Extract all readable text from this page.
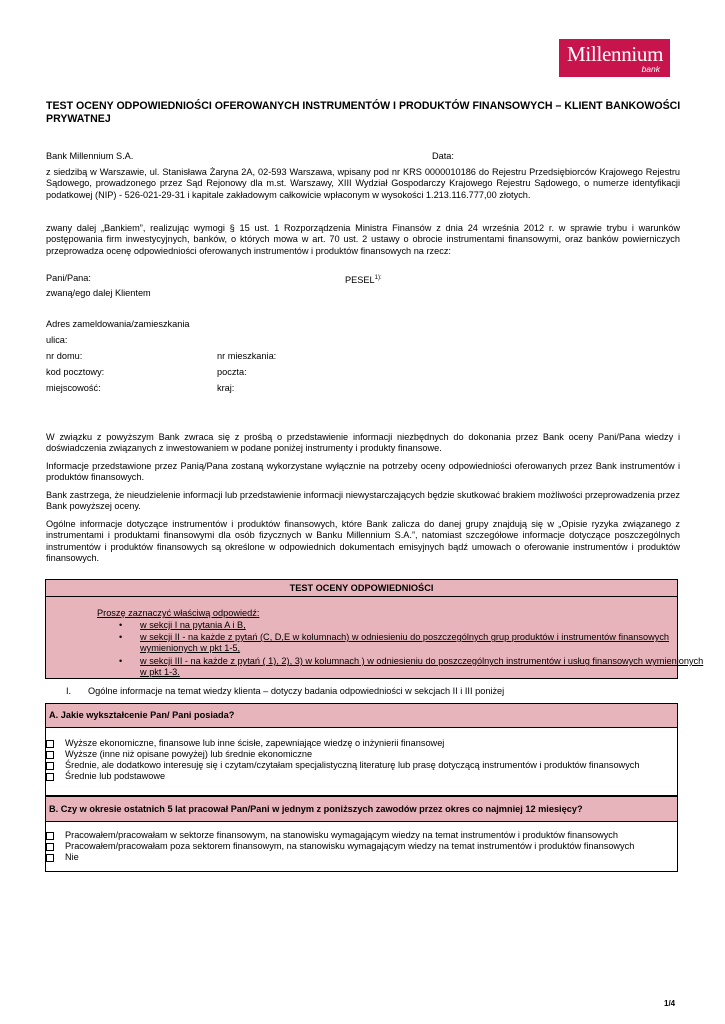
Millennium
bank
TEST OCENY ODPOWIEDNIOŚCI OFEROWANYCH INSTRUMENTÓW I PRODUKTÓW FINANSOWYCH – KLIENT BANKOWOŚCI PRYWATNEJ
Bank Millennium S.A.	Data:
z siedzibą w Warszawie, ul. Stanisława Żaryna 2A, 02-593 Warszawa, wpisany pod nr KRS 0000010186 do Rejestru Przedsiębiorców Krajowego Rejestru Sądowego, prowadzonego przez Sąd Rejonowy dla m.st. Warszawy, XIII Wydział Gospodarczy Krajowego Rejestru Sądowego, o numerze identyfikacji podatkowej (NIP) - 526-021-29-31 i kapitale zakładowym całkowicie wpłaconym w wysokości 1.213.116.777,00 złotych.
zwany dalej „Bankiem”, realizując wymogi § 15 ust. 1 Rozporządzenia Ministra Finansów z dnia 24 września 2012 r. w sprawie trybu i warunków postępowania firm inwestycyjnych, banków, o których mowa w art. 70 ust. 2 ustawy o obrocie instrumentami finansowymi, oraz banków powierniczych przeprowadza ocenę odpowiedniości oferowanych instrumentów i produktów finansowych na rzecz:
Pani/Pana:	$PESEL^{1):}$
zwaną/ego dalej Klientem
Adres zameldowania/zamieszkania
ulica:
nr domu:	nr mieszkania:
kod pocztowy:	poczta:
miejscowość:	kraj:
W związku z powyższym Bank zwraca się z prośbą o przedstawienie informacji niezbędnych do dokonania przez Bank oceny Pani/Pana wiedzy i doświadczenia związanych z inwestowaniem w podane poniżej instrumenty i produkty finansowe.
Informacje przedstawione przez Panią/Pana zostaną wykorzystane wyłącznie na potrzeby oceny odpowiedniości oferowanych przez Bank instrumentów i produktów finansowych.
Bank zastrzega, że nieudzielenie informacji lub przedstawienie informacji niewystarczających będzie skutkować brakiem możliwości przeprowadzenia przez Bank powyższej oceny.
Ogólne informacje dotyczące instrumentów i produktów finansowych, które Bank zalicza do danej grupy znajdują się w „Opisie ryzyka związanego z instrumentami i produktami finansowymi dla osób fizycznych w Banku Millennium S.A.”, natomiast szczegółowe informacje dotyczące poszczególnych instrumentów i produktów finansowych są określone w odpowiednich dokumentach emisyjnych bądź umowach o oferowanie instrumentów i produktów finansowych.
TEST OCENY ODPOWIEDNIOŚCI
Proszę zaznaczyć właściwą odpowiedź:
• w sekcji I na pytania A i B,
• w sekcji II - na każde z pytań (C, D,E w kolumnach) w odniesieniu do poszczególnych grup produktów i instrumentów finansowych wymienionych w pkt 1-5,
• w sekcji III - na każde z pytań ( 1), 2), 3) w kolumnach ) w odniesieniu do poszczególnych instrumentów i usług finansowych wymienionych w pkt 1-3.
I. Ogólne informacje na temat wiedzy klienta – dotyczy badania odpowiedniości w sekcjach II i III poniżej
A. Jakie wykształcenie Pan/ Pani posiada?
Wyższe ekonomiczne, finansowe lub inne ścisłe, zapewniające wiedzę o inżynierii finansowej
Wyższe (inne niż opisane powyżej) lub średnie ekonomiczne
Średnie, ale dodatkowo interesuję się i czytam/czytałam specjalistyczną literaturę lub prasę dotyczącą instrumentów i produktów finansowych
Średnie lub podstawowe
B. Czy w okresie ostatnich 5 lat pracował Pan/Pani w jednym z poniższych zawodów przez okres co najmniej 12 miesięcy?
Pracowałem/pracowałam w sektorze finansowym, na stanowisku wymagającym wiedzy na temat instrumentów i produktów finansowych
Pracowałem/pracowałam poza sektorem finansowym, na stanowisku wymagającym wiedzy na temat instrumentów i produktów finansowych
Nie
1/4
